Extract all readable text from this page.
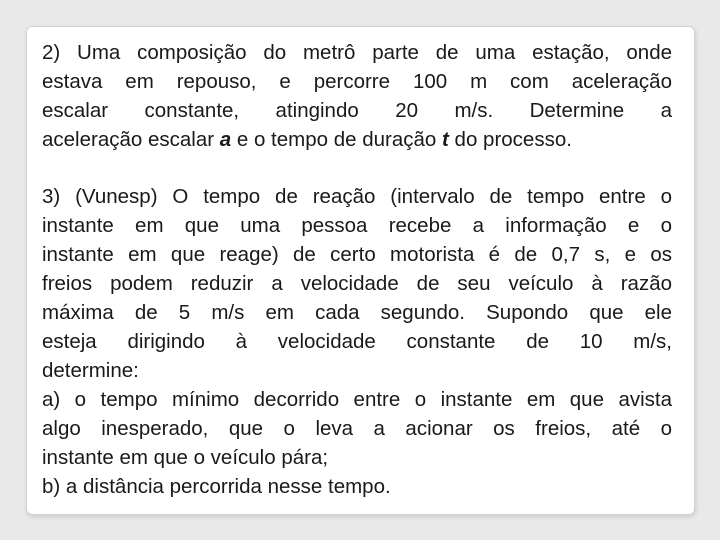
2) Uma composição do metrô parte de uma estação, onde
estava em repouso, e percorre 100 m com aceleração
escalar constante, atingindo 20 m/s. Determine a
aceleração escalar a e o tempo de duração t do processo.
3) (Vunesp) O tempo de reação (intervalo de tempo entre o
instante em que uma pessoa recebe a informação e o
instante em que reage) de certo motorista é de 0,7 s, e os
freios podem reduzir a velocidade de seu veículo à razão
máxima de 5 m/s em cada segundo. Supondo que ele
esteja dirigindo à velocidade constante de 10 m/s,
determine:
a) o tempo mínimo decorrido entre o instante em que avista
algo inesperado, que o leva a acionar os freios, até o
instante em que o veículo pára;
b) a distância percorrida nesse tempo.
